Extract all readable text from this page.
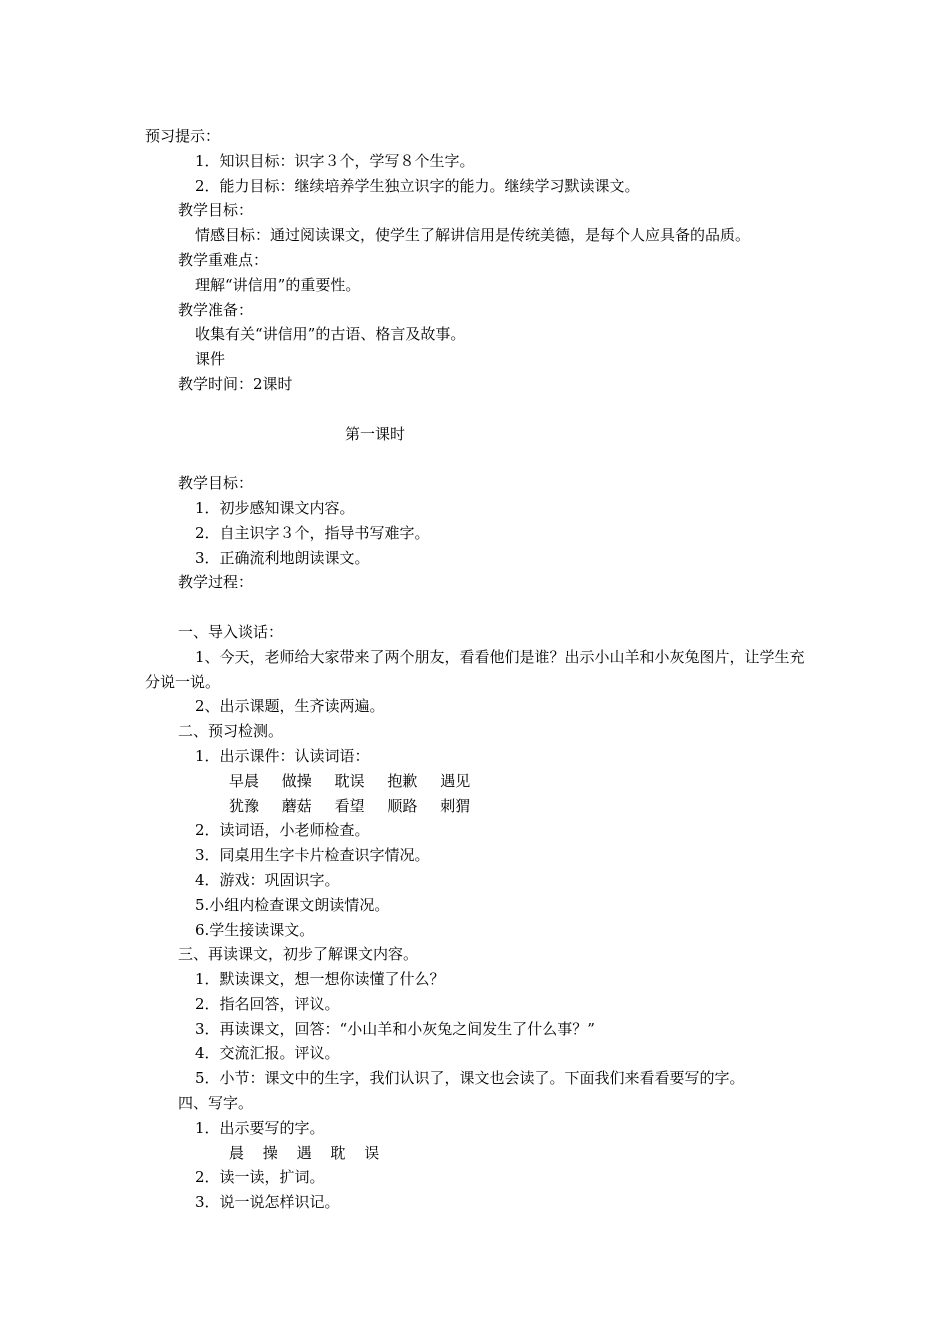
预习提示：
1．知识目标：识字３个，学写８个生字。
2．能力目标：继续培养学生独立识字的能力。继续学习默读课文。
教学目标：
情感目标：通过阅读课文，使学生了解讲信用是传统美德，是每个人应具备的品质。
教学重难点：
理解“讲信用”的重要性。
教学准备：
收集有关“讲信用”的古语、格言及故事。
课件
教学时间：2课时
第一课时
教学目标：
1．初步感知课文内容。
2．自主识字３个，指导书写难字。
3．正确流利地朗读课文。
教学过程：
一、导入谈话：
1、今天，老师给大家带来了两个朋友，看看他们是谁？出示小山羊和小灰兔图片，让学生充分说一说。
2、出示课题，生齐读两遍。
二、预习检测。
1．出示课件：认读词语：
早晨 做操 耽误 抱歉 遇见
犹豫 蘑菇 看望 顺路 刺猬
2．读词语，小老师检查。
3．同桌用生字卡片检查识字情况。
4．游戏：巩固识字。
5.小组内检查课文朗读情况。
6.学生接读课文。
三、再读课文，初步了解课文内容。
1．默读课文，想一想你读懂了什么？
2．指名回答，评议。
3．再读课文，回答：“小山羊和小灰兔之间发生了什么事？”
4．交流汇报。评议。
5．小节：课文中的生字，我们认识了，课文也会读了。下面我们来看看要写的字。
四、写字。
1．出示要写的字。
晨 操 遇 耽 误
2．读一读，扩词。
3．说一说怎样识记。
